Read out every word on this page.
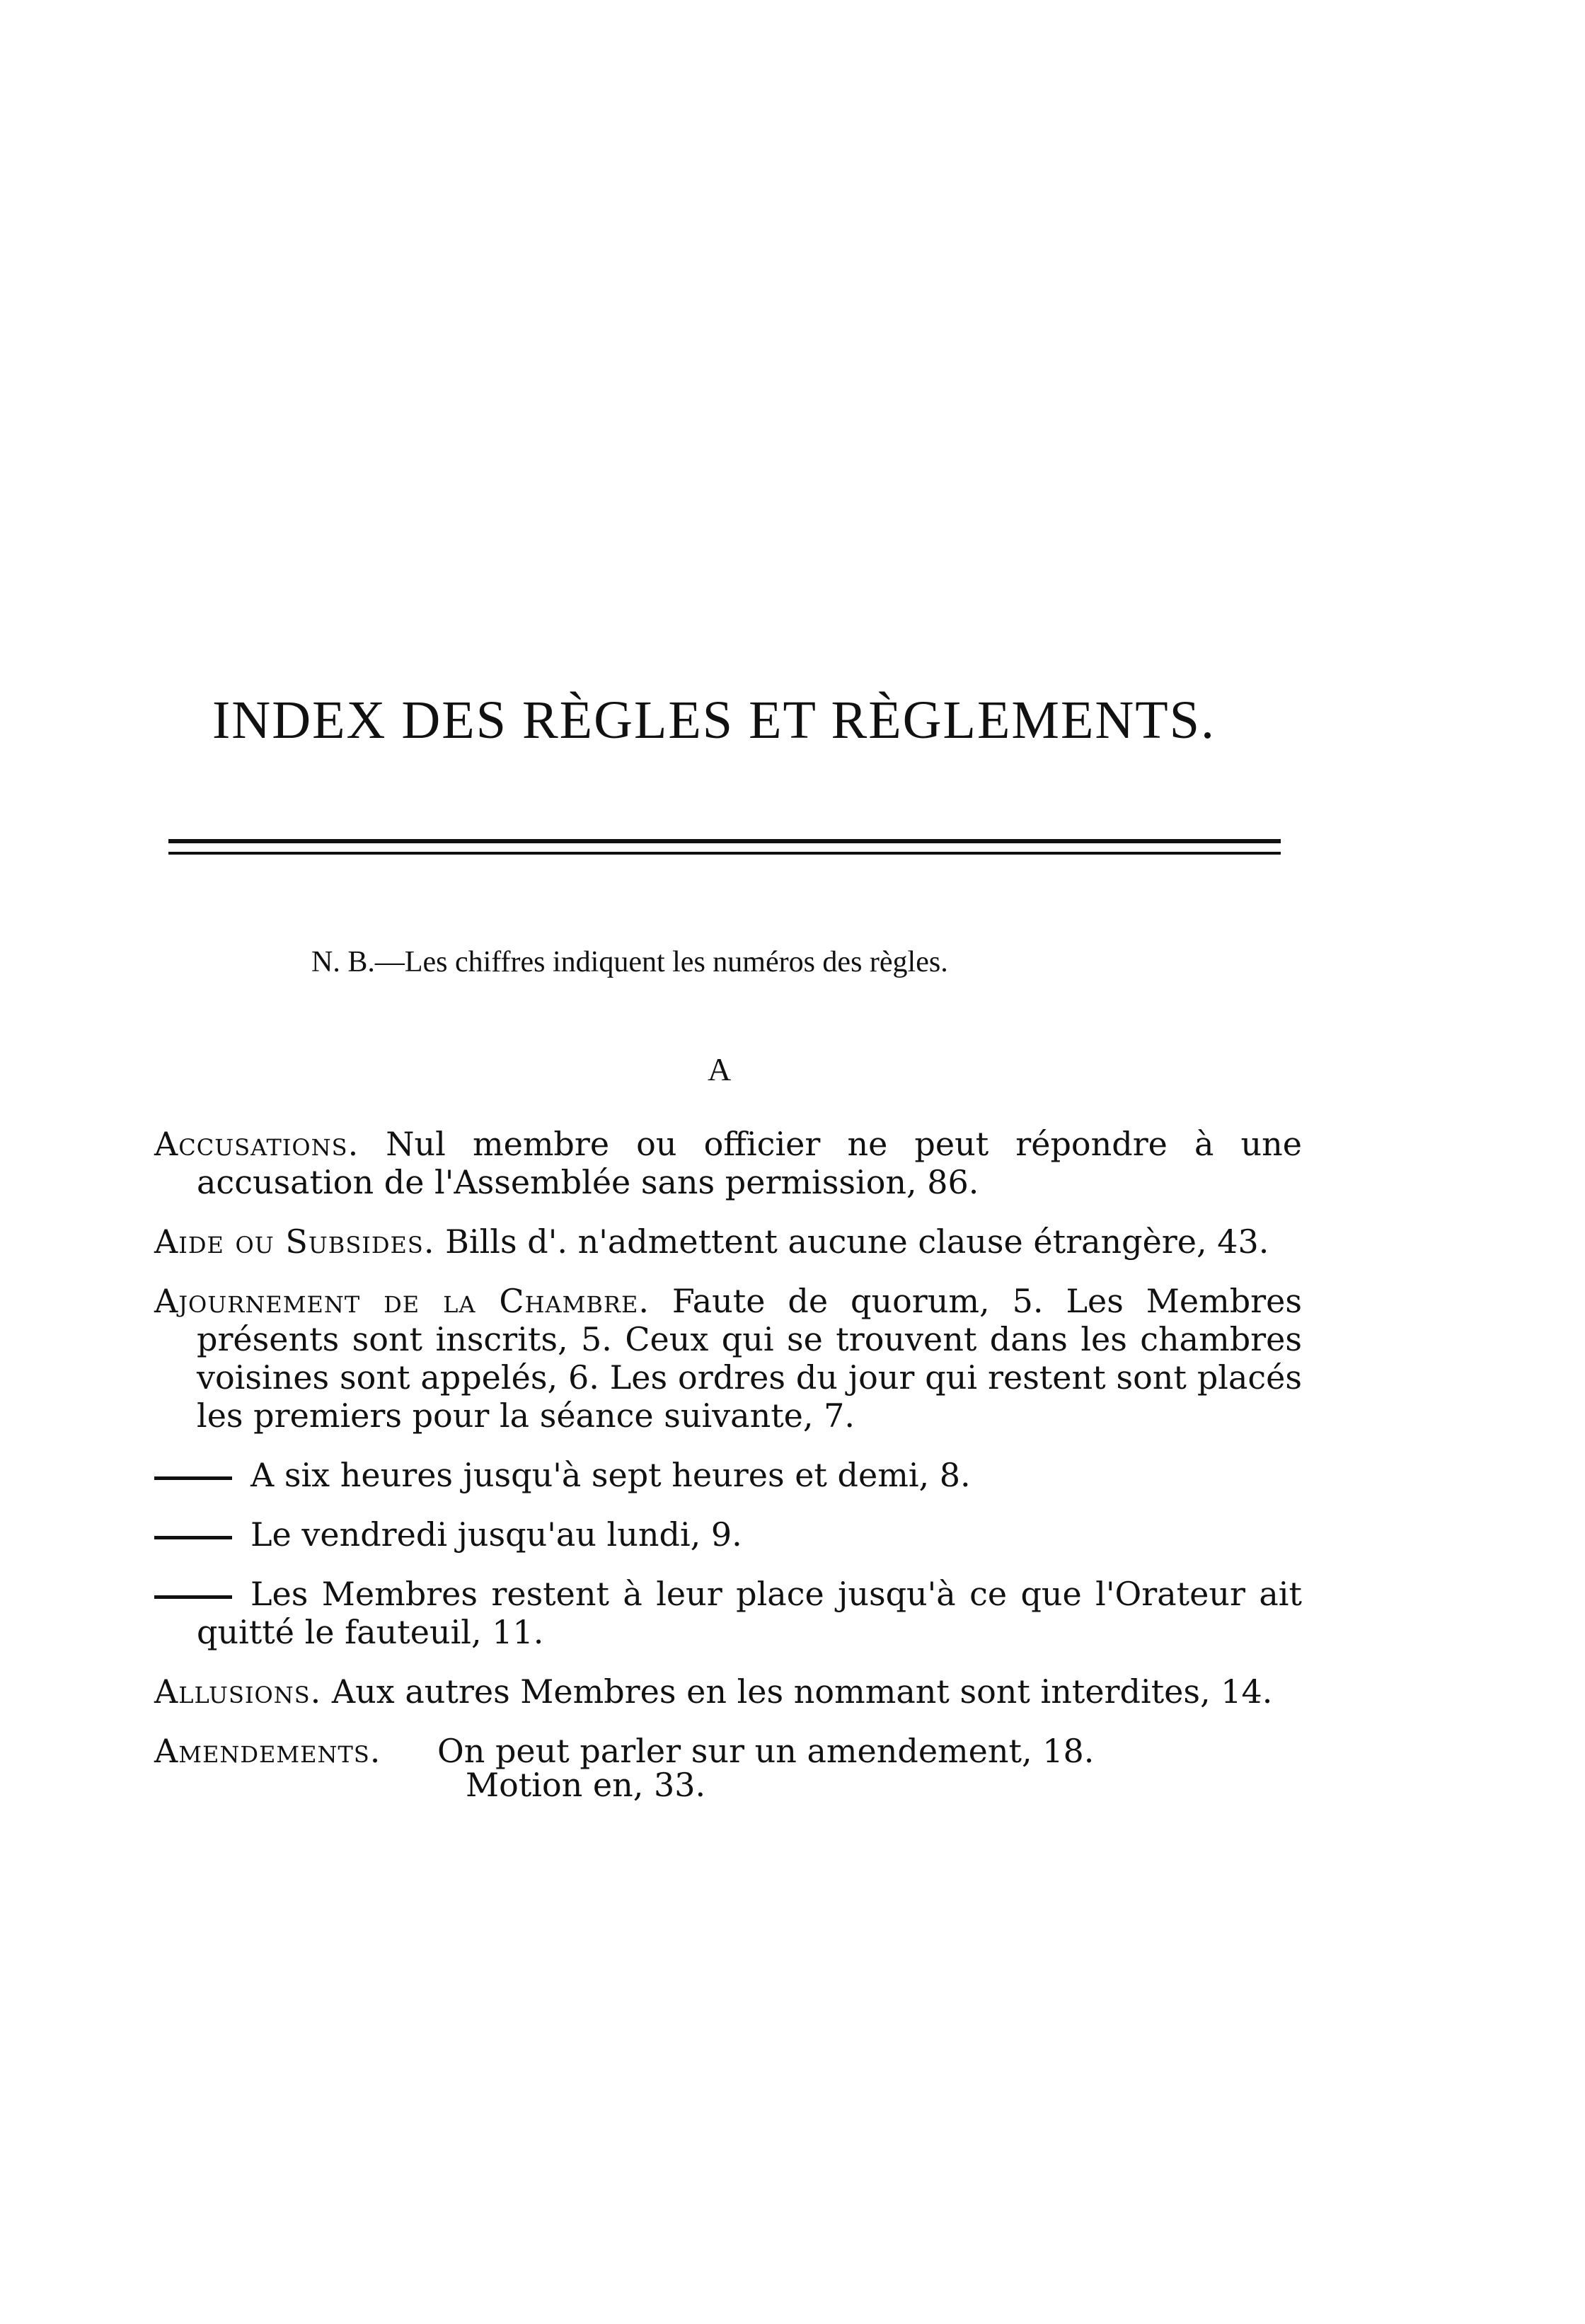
INDEX DES RÈGLES ET RÈGLEMENTS.
N. B.—Les chiffres indiquent les numéros des règles.
A
Accusations. Nul membre ou officier ne peut répondre à une accusation de l'Assemblée sans permission, 86.
Aide ou Subsides. Bills d'. n'admettent aucune clause étrangère, 43.
Ajournement de la Chambre. Faute de quorum, 5. Les Membres présents sont inscrits, 5. Ceux qui se trouvent dans les chambres voisines sont appelés, 6. Les ordres du jour qui restent sont placés les premiers pour la séance suivante, 7.
A six heures jusqu'à sept heures et demi, 8.
Le vendredi jusqu'au lundi, 9.
Les Membres restent à leur place jusqu'à ce que l'Orateur ait quitté le fauteuil, 11.
Allusions. Aux autres Membres en les nommant sont interdites, 14.
Amendements. On peut parler sur un amendement, 18.
Motion en, 33.
